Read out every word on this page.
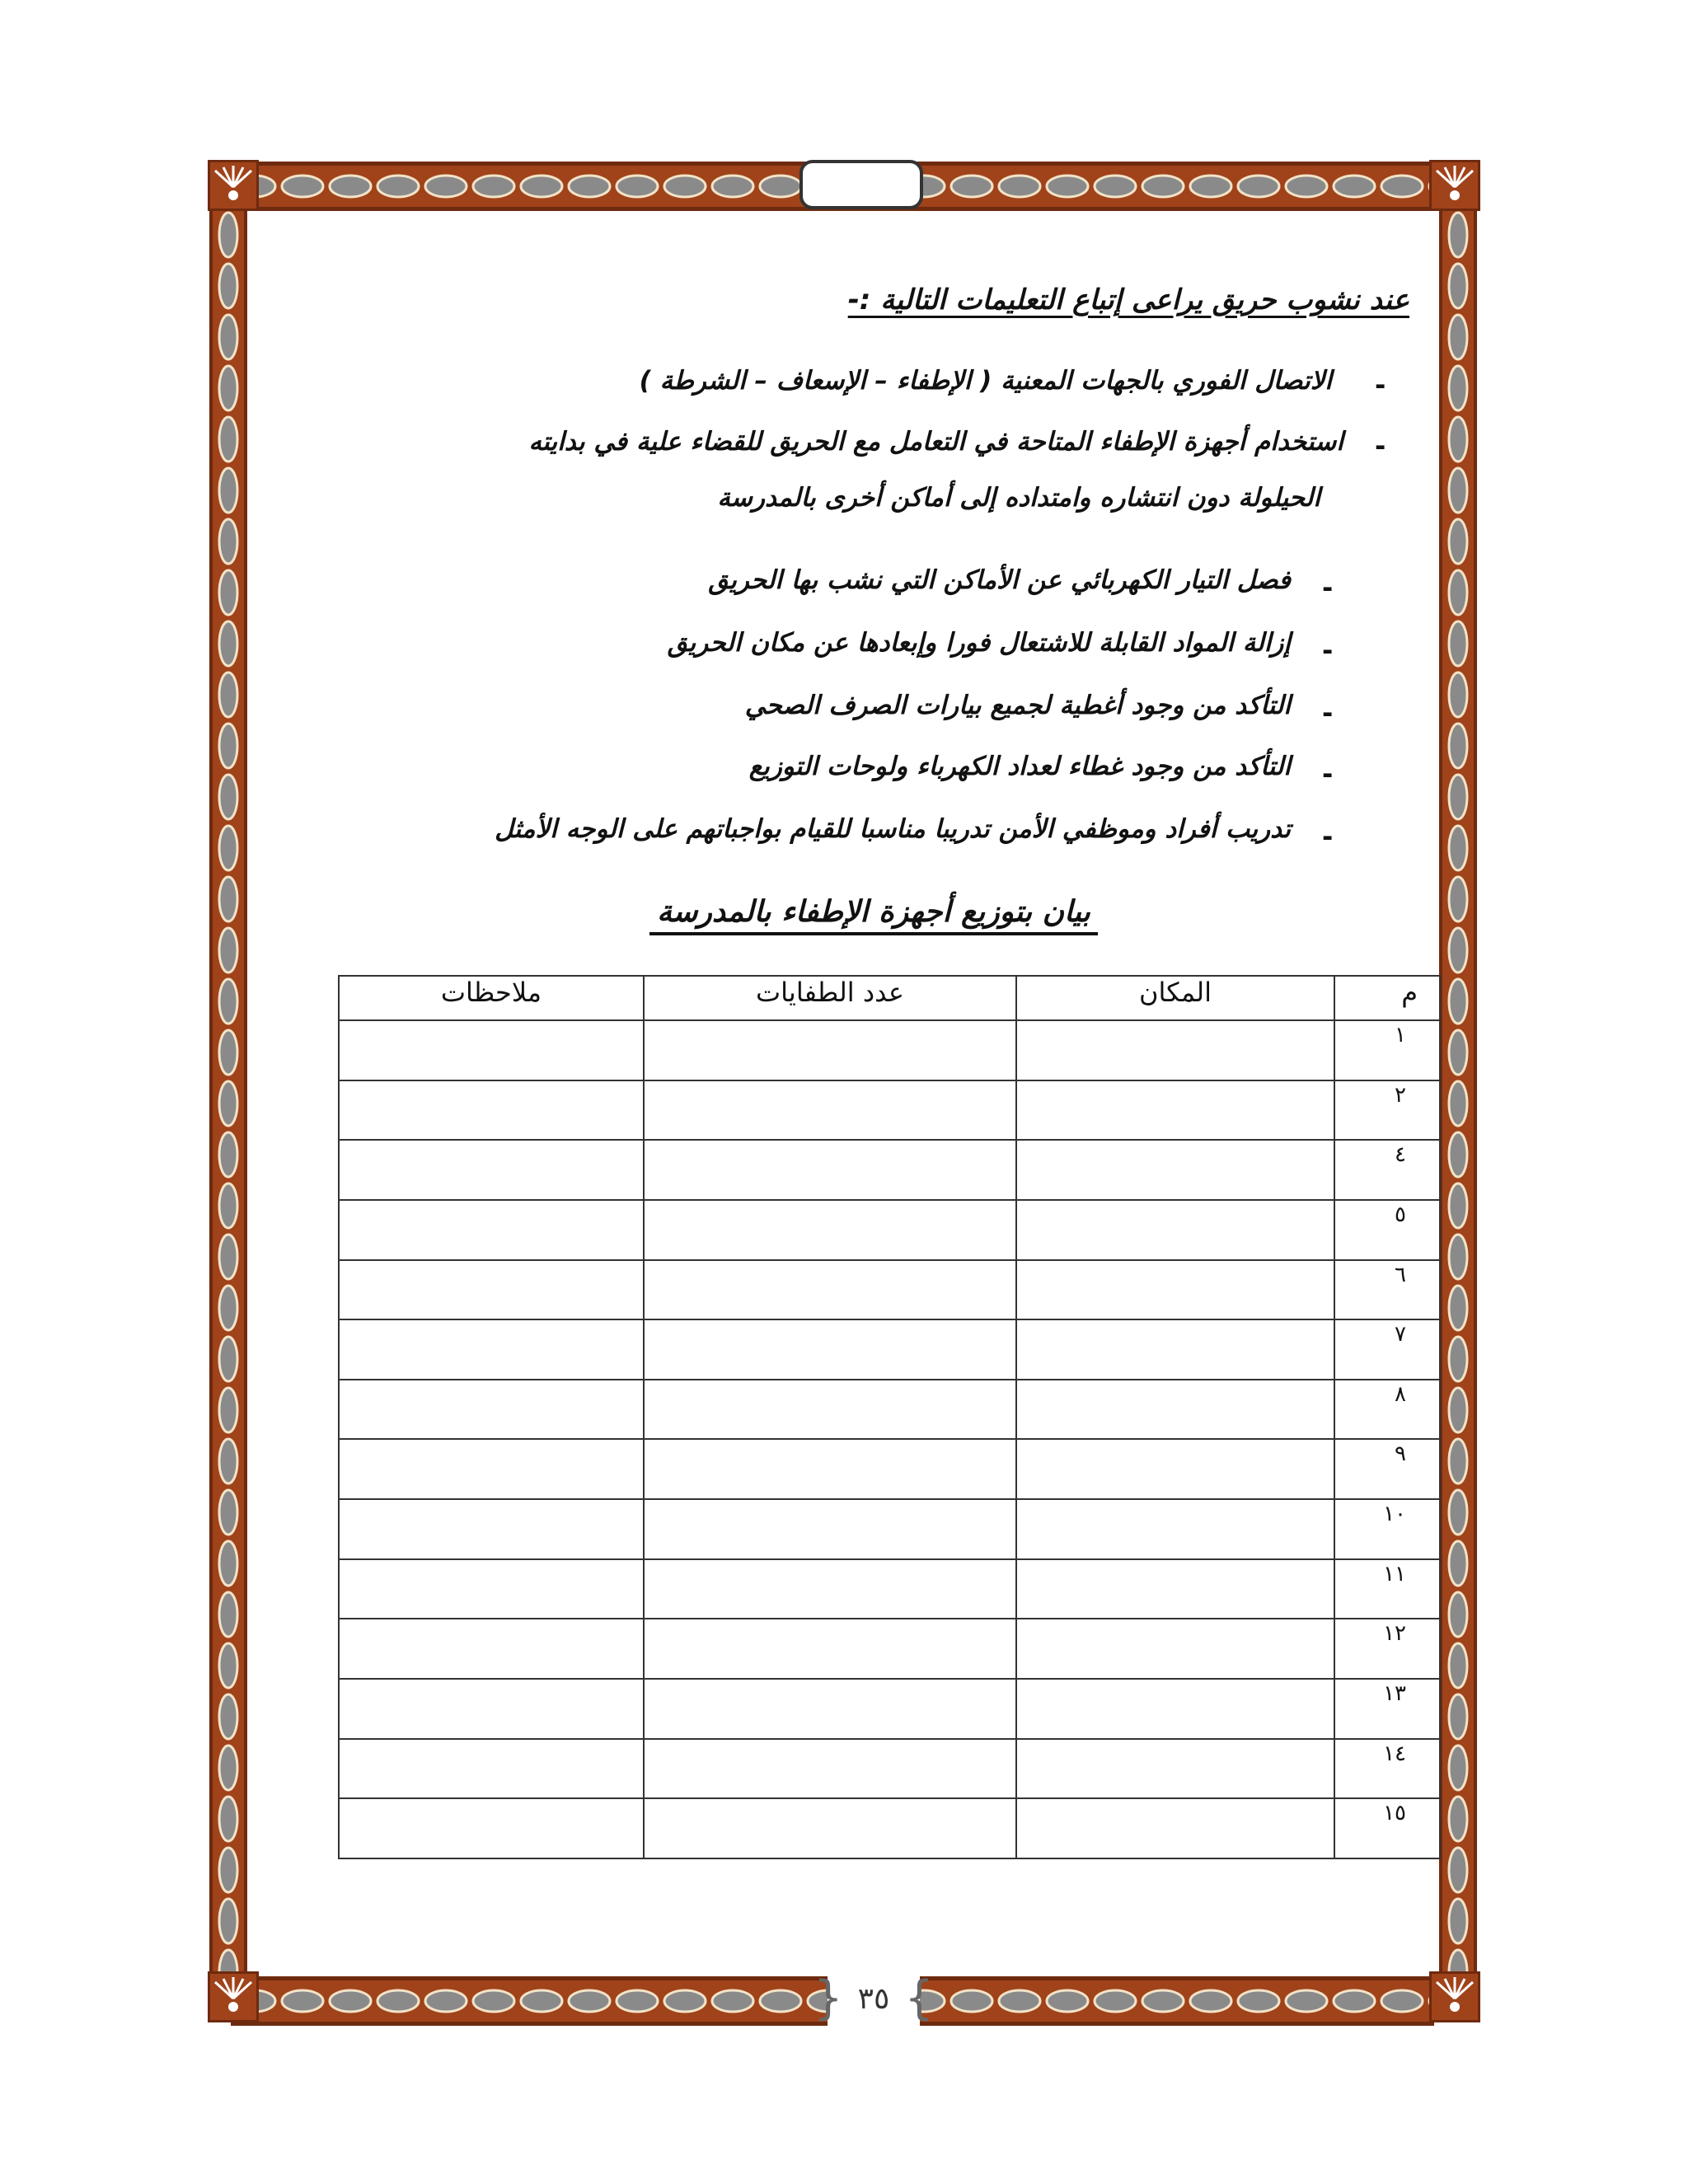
} ٣٥ {
عند نشوب حريق يراعى إتباع التعليمات التالية :-
-
الاتصال الفوري بالجهات المعنية ( الإطفاء – الإسعاف – الشرطة )
-
استخدام أجهزة الإطفاء المتاحة في التعامل مع الحريق للقضاء علية في بدايته
الحيلولة دون انتشاره وامتداده إلى أماكن أخرى بالمدرسة
-
فصل التيار الكهربائي عن الأماكن التي نشب بها الحريق
-
إزالة المواد القابلة للاشتعال فورا وإبعادها عن مكان الحريق
-
التأكد من وجود أغطية لجميع بيارات الصرف الصحي
-
التأكد من وجود غطاء لعداد الكهرباء ولوحات التوزيع
-
تدريب أفراد وموظفي الأمن تدريبا مناسبا للقيام بواجباتهم على الوجه الأمثل
بيان بتوزيع أجهزة الإطفاء بالمدرسة
م	المكان	عدد الطفايات	ملاحظات
١			
٢			
٤			
٥			
٦			
٧			
٨			
٩			
١٠			
١١			
١٢			
١٣			
١٤			
١٥			
